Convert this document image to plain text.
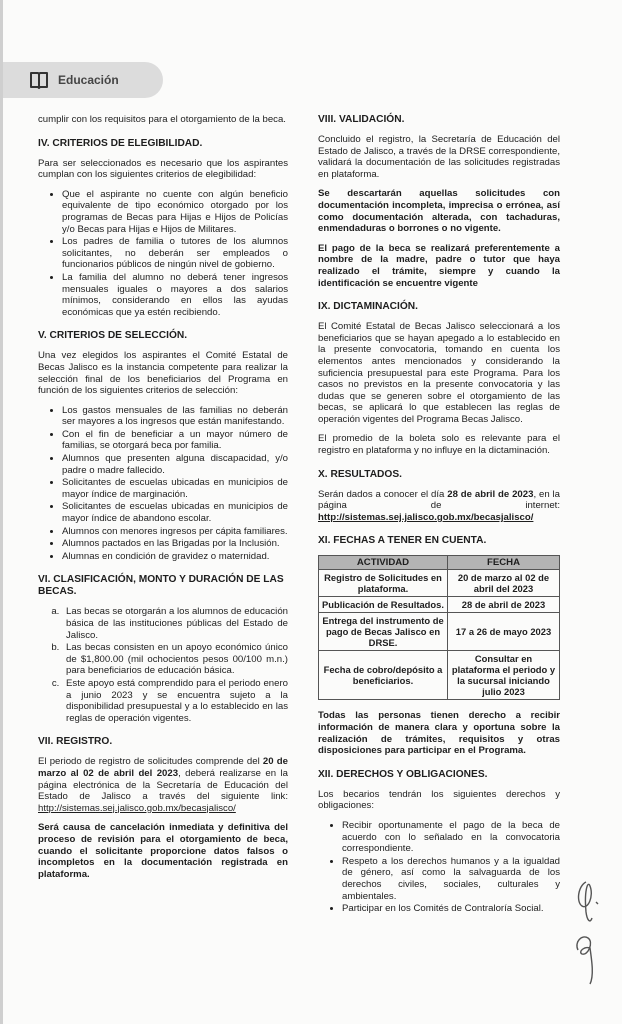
Educación

cumplir con los requisitos para el otorgamiento de la beca.

IV. CRITERIOS DE ELEGIBILIDAD.

Para ser seleccionados es necesario que los aspirantes cumplan con los siguientes criterios de elegibilidad:

• Que el aspirante no cuente con algún beneficio equivalente de tipo económico otorgado por los programas de Becas para Hijas e Hijos de Policías y/o Becas para Hijas e Hijos de Militares.
• Los padres de familia o tutores de los alumnos solicitantes, no deberán ser empleados o funcionarios públicos de ningún nivel de gobierno.
• La familia del alumno no deberá tener ingresos mensuales iguales o mayores a dos salarios mínimos, considerando en ellos las ayudas económicas que ya estén recibiendo.
V. CRITERIOS DE SELECCIÓN.

Una vez elegidos los aspirantes el Comité Estatal de Becas Jalisco es la instancia competente para realizar la selección final de los beneficiarios del Programa en función de los siguientes criterios de selección:

• Los gastos mensuales de las familias no deberán ser mayores a los ingresos que están manifestando.
• Con el fin de beneficiar a un mayor número de familias, se otorgará beca por familia.
• Alumnos que presenten alguna discapacidad, y/o padre o madre fallecido.
• Solicitantes de escuelas ubicadas en municipios de mayor índice de marginación.
• Solicitantes de escuelas ubicadas en municipios de mayor índice de abandono escolar.
• Alumnos con menores ingresos per cápita familiares.
• Alumnos pactados en las Brigadas por la Inclusión.
• Alumnas en condición de gravidez o maternidad.
VI. CLASIFICACIÓN, MONTO Y DURACIÓN DE LAS BECAS.
a. Las becas se otorgarán a los alumnos de educación básica de las instituciones públicas del Estado de Jalisco.
b. Las becas consisten en un apoyo económico único de $1,800.00 (mil ochocientos pesos 00/100 m.n.) para beneficiarios de educación básica.
c. Este apoyo está comprendido para el periodo enero a junio 2023 y se encuentra sujeto a la disponibilidad presupuestal y a lo establecido en las reglas de operación vigentes.
VII. REGISTRO.

El periodo de registro de solicitudes comprende del 20 de marzo al 02 de abril del 2023, deberá realizarse en la página electrónica de la Secretaría de Educación del Estado de Jalisco a través del siguiente link: http://sistemas.sej.jalisco.gob.mx/becasjalisco/

Será causa de cancelación inmediata y definitiva del proceso de revisión para el otorgamiento de beca, cuando el solicitante proporcione datos falsos o incompletos en la documentación registrada en plataforma.

VIII. VALIDACIÓN.

Concluido el registro, la Secretaría de Educación del Estado de Jalisco, a través de la DRSE correspondiente, validará la documentación de las solicitudes registradas en plataforma.

Se descartarán aquellas solicitudes con documentación incompleta, imprecisa o errónea, así como documentación alterada, con tachaduras, enmendaduras o borrones o no vigente.

El pago de la beca se realizará preferentemente a nombre de la madre, padre o tutor que haya realizado el trámite, siempre y cuando la identificación se encuentre vigente

IX. DICTAMINACIÓN.

El Comité Estatal de Becas Jalisco seleccionará a los beneficiarios que se hayan apegado a lo establecido en la presente convocatoria, tomando en cuenta los elementos antes mencionados y considerando la suficiencia presupuestal para este Programa. Para los casos no previstos en la presente convocatoria y las dudas que se generen sobre el otorgamiento de las becas, se aplicará lo que establecen las reglas de operación vigentes del Programa Becas Jalisco.

El promedio de la boleta solo es relevante para el registro en plataforma y no influye en la dictaminación.

X. RESULTADOS.

Serán dados a conocer el día 28 de abril de 2023, en la página de internet: http://sistemas.sej.jalisco.gob.mx/becasjalisco/

XI. FECHAS A TENER EN CUENTA.
ACTIVIDAD	FECHA
Registro de Solicitudes en plataforma.	20 de marzo al 02 de abril del 2023
Publicación de Resultados.	28 de abril de 2023
Entrega del instrumento de pago de Becas Jalisco en DRSE.	17 a 26 de mayo 2023
Fecha de cobro/depósito a beneficiarios.	Consultar en plataforma el periodo y la sucursal iniciando julio 2023

Todas las personas tienen derecho a recibir información de manera clara y oportuna sobre la realización de trámites, requisitos y otras disposiciones para participar en el Programa.

XII. DERECHOS Y OBLIGACIONES.

Los becarios tendrán los siguientes derechos y obligaciones:

• Recibir oportunamente el pago de la beca de acuerdo con lo señalado en la convocatoria correspondiente.
• Respeto a los derechos humanos y a la igualdad de género, así como la salvaguarda de los derechos civiles, sociales, culturales y ambientales.
• Participar en los Comités de Contraloría Social.
